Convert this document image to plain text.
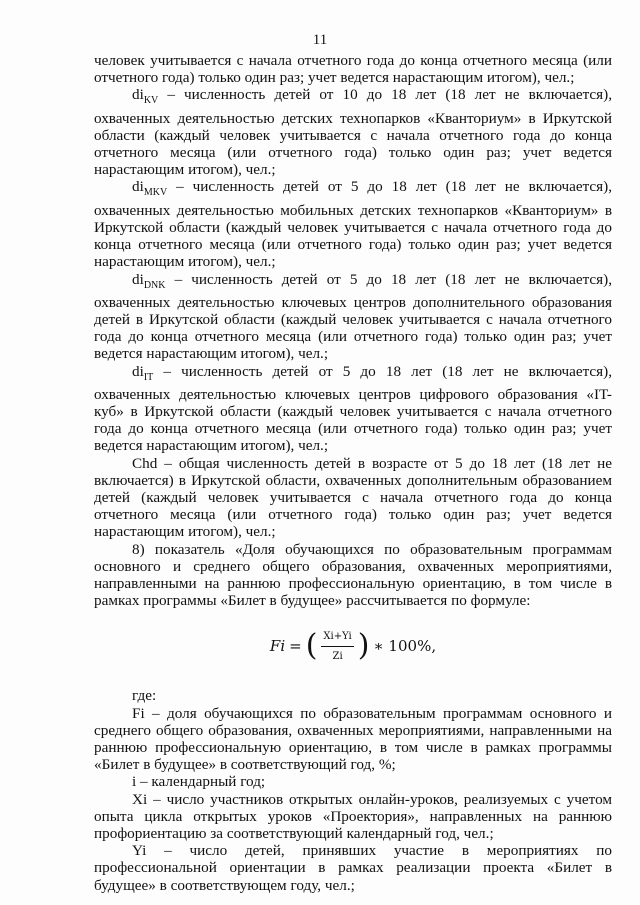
11

человек учитывается с начала отчетного года до конца отчетного месяца (или отчетного года) только один раз; учет ведется нарастающим итогом), чел.;

$di_{KV}$ – численность детей от 10 до 18 лет (18 лет не включается), охваченных деятельностью детских технопарков «Кванториум» в Иркутской области (каждый человек учитывается с начала отчетного года до конца отчетного месяца (или отчетного года) только один раз; учет ведется нарастающим итогом), чел.;

$di_{MKV}$ – численность детей от 5 до 18 лет (18 лет не включается), охваченных деятельностью мобильных детских технопарков «Кванториум» в Иркутской области (каждый человек учитывается с начала отчетного года до конца отчетного месяца (или отчетного года) только один раз; учет ведется нарастающим итогом), чел.;

$di_{DNK}$ – численность детей от 5 до 18 лет (18 лет не включается), охваченных деятельностью ключевых центров дополнительного образования детей в Иркутской области (каждый человек учитывается с начала отчетного года до конца отчетного месяца (или отчетного года) только один раз; учет ведется нарастающим итогом), чел.;

$di_{IT}$ – численность детей от 5 до 18 лет (18 лет не включается), охваченных деятельностью ключевых центров цифрового образования «IT-куб» в Иркутской области (каждый человек учитывается с начала отчетного года до конца отчетного месяца (или отчетного года) только один раз; учет ведется нарастающим итогом), чел.;

Chd – общая численность детей в возрасте от 5 до 18 лет (18 лет не включается) в Иркутской области, охваченных дополнительным образованием детей (каждый человек учитывается с начала отчетного года до конца отчетного месяца (или отчетного года) только один раз; учет ведется нарастающим итогом), чел.;

8) показатель «Доля обучающихся по образовательным программам основного и среднего общего образования, охваченных мероприятиями, направленными на раннюю профессиональную ориентацию, в том числе в рамках программы «Билет в будущее» рассчитывается по формуле:

Fi = ( $\frac{Xi+Yi}{Zi}$ ) ∗ 100%,

где:

Fi – доля обучающихся по образовательным программам основного и среднего общего образования, охваченных мероприятиями, направленными на раннюю профессиональную ориентацию, в том числе в рамках программы «Билет в будущее» в соответствующий год, %;

i – календарный год;

Xi – число участников открытых онлайн-уроков, реализуемых с учетом опыта цикла открытых уроков «Проектория», направленных на раннюю профориентацию за соответствующий календарный год, чел.;

Yi – число детей, принявших участие в мероприятиях по профессиональной ориентации в рамках реализации проекта «Билет в будущее» в соответствующем году, чел.;
